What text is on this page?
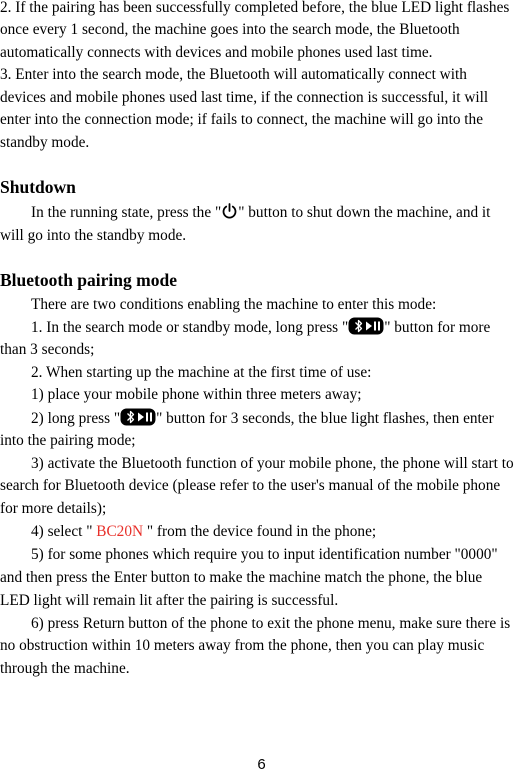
2. If the pairing has been successfully completed before, the blue LED light flashes
once every 1 second, the machine goes into the search mode, the Bluetooth
automatically connects with devices and mobile phones used last time.
3. Enter into the search mode, the Bluetooth will automatically connect with
devices and mobile phones used last time, if the connection is successful, it will
enter into the connection mode; if fails to connect, the machine will go into the
standby mode.
Shutdown
In the running state, press the " " button to shut down the machine, and it
will go into the standby mode.
Bluetooth pairing mode
There are two conditions enabling the machine to enter this mode:
1. In the search mode or standby mode, long press " " button for more
than 3 seconds;
2. When starting up the machine at the first time of use:
1) place your mobile phone within three meters away;
2) long press " " button for 3 seconds, the blue light flashes, then enter
into the pairing mode;
3) activate the Bluetooth function of your mobile phone, the phone will start to
search for Bluetooth device (please refer to the user's manual of the mobile phone
for more details);
4) select " BC20N " from the device found in the phone;
5) for some phones which require you to input identification number "0000"
and then press the Enter button to make the machine match the phone, the blue
LED light will remain lit after the pairing is successful.
6) press Return button of the phone to exit the phone menu, make sure there is
no obstruction within 10 meters away from the phone, then you can play music
through the machine.
6
